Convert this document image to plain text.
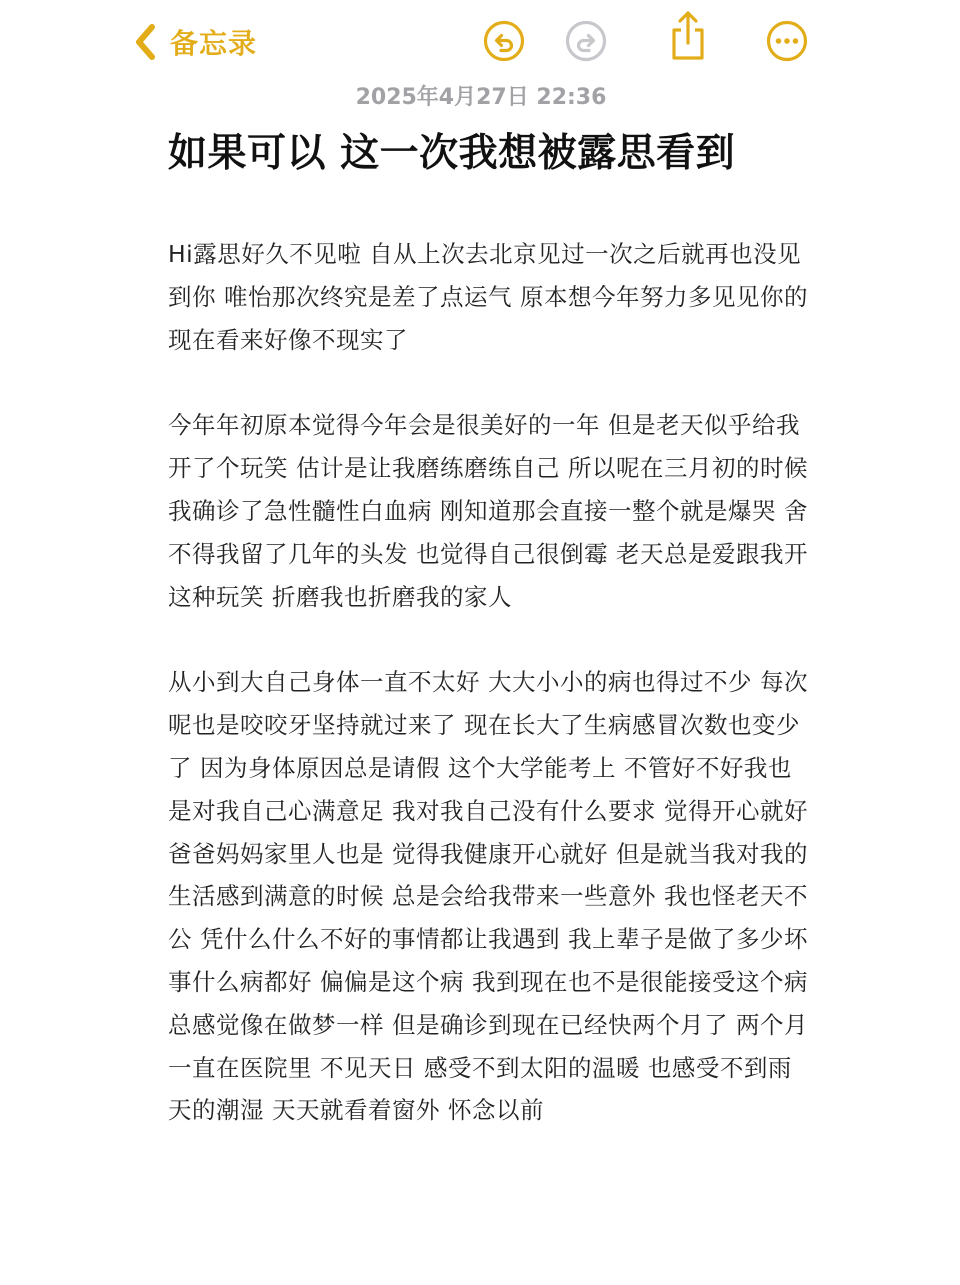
备忘录
2025年4月27日 22:36
如果可以 这一次我想被露思看到

Hi露思好久不见啦 自从上次去北京见过一次之后就再也没见到你 唯怡那次终究是差了点运气 原本想今年努力多见见你的 现在看来好像不现实了

今年年初原本觉得今年会是很美好的一年 但是老天似乎给我开了个玩笑 估计是让我磨练磨练自己 所以呢在三月初的时候我确诊了急性髓性白血病 刚知道那会直接一整个就是爆哭 舍不得我留了几年的头发 也觉得自己很倒霉 老天总是爱跟我开这种玩笑 折磨我也折磨我的家人

从小到大自己身体一直不太好 大大小小的病也得过不少 每次呢也是咬咬牙坚持就过来了 现在长大了生病感冒次数也变少了 因为身体原因总是请假 这个大学能考上 不管好不好我也是对我自己心满意足 我对我自己没有什么要求 觉得开心就好 爸爸妈妈家里人也是 觉得我健康开心就好 但是就当我对我的生活感到满意的时候 总是会给我带来一些意外 我也怪老天不公 凭什么什么不好的事情都让我遇到 我上辈子是做了多少坏事什么病都好 偏偏是这个病 我到现在也不是很能接受这个病 总感觉像在做梦一样 但是确诊到现在已经快两个月了 两个月一直在医院里 不见天日 感受不到太阳的温暖 也感受不到雨天的潮湿 天天就看着窗外 怀念以前
